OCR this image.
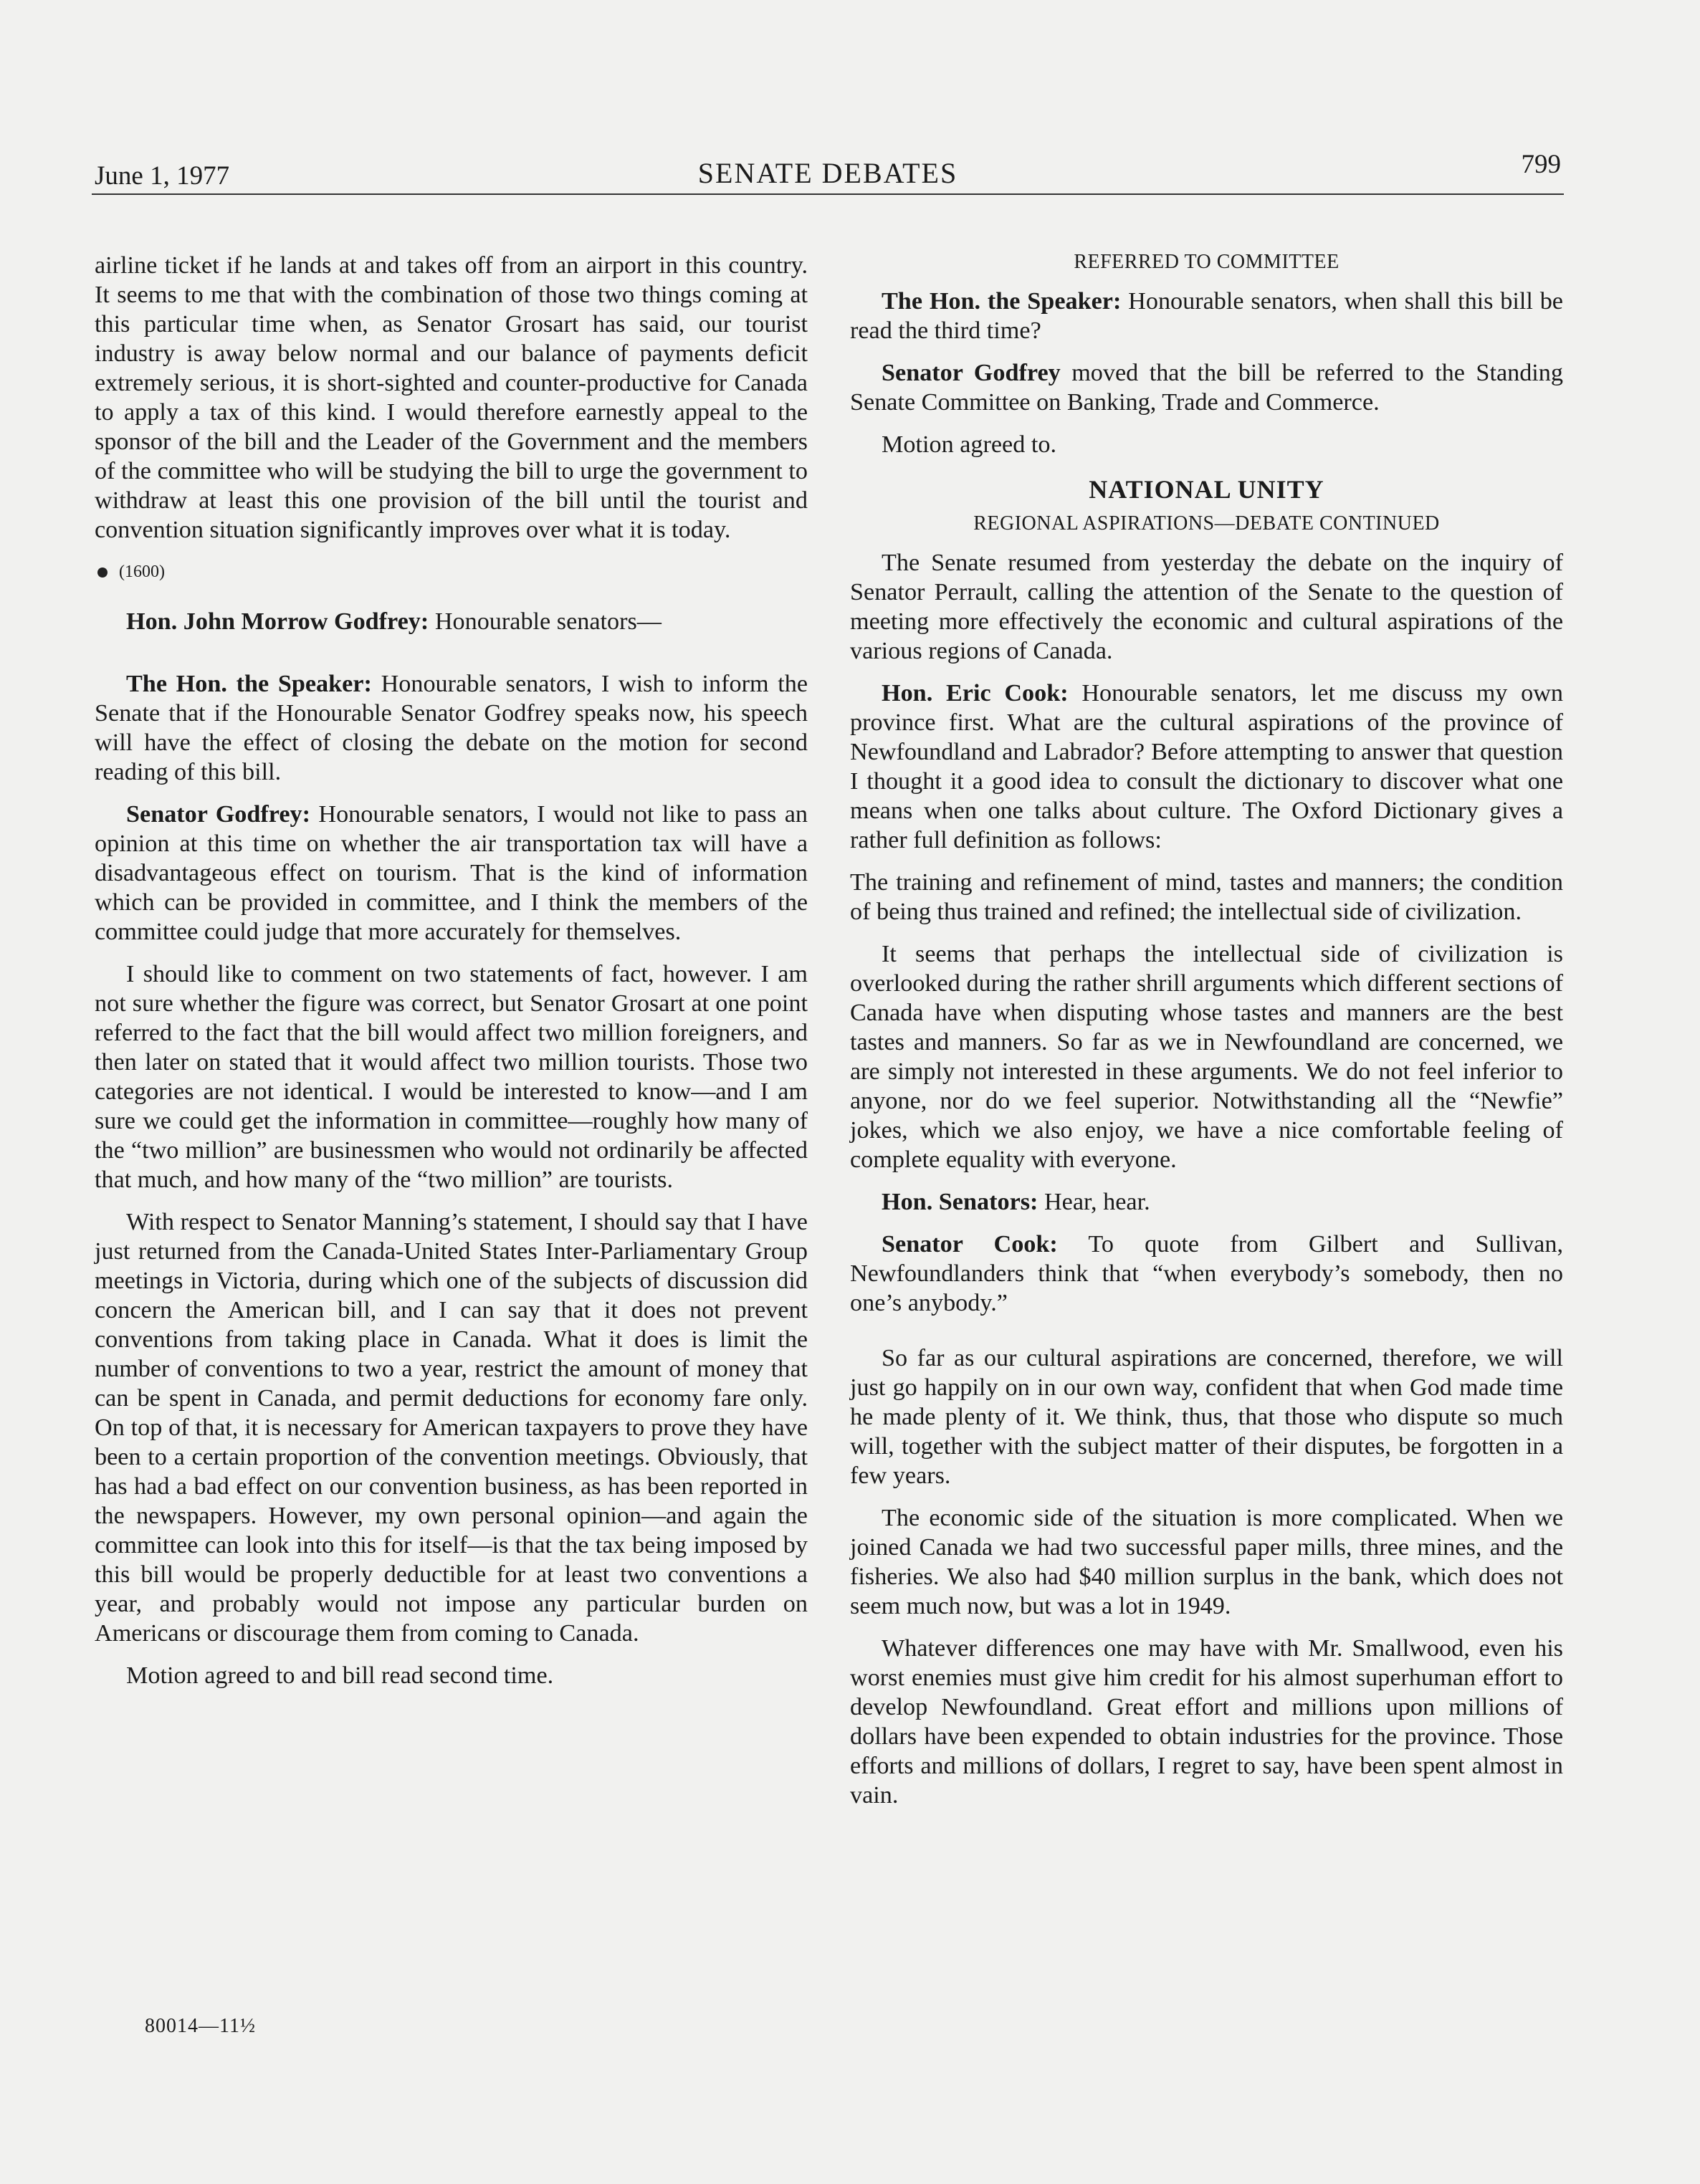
June 1, 1977	SENATE DEBATES	799

airline ticket if he lands at and takes off from an airport in this country. It seems to me that with the combination of those two things coming at this particular time when, as Senator Grosart has said, our tourist industry is away below normal and our balance of payments deficit extremely serious, it is short-sighted and counter-productive for Canada to apply a tax of this kind. I would therefore earnestly appeal to the sponsor of the bill and the Leader of the Government and the members of the committee who will be studying the bill to urge the government to withdraw at least this one provision of the bill until the tourist and convention situation significantly improves over what it is today.

(1600)

Hon. John Morrow Godfrey: Honourable senators—

The Hon. the Speaker: Honourable senators, I wish to inform the Senate that if the Honourable Senator Godfrey speaks now, his speech will have the effect of closing the debate on the motion for second reading of this bill.

Senator Godfrey: Honourable senators, I would not like to pass an opinion at this time on whether the air transportation tax will have a disadvantageous effect on tourism. That is the kind of information which can be provided in committee, and I think the members of the committee could judge that more accurately for themselves.

I should like to comment on two statements of fact, however. I am not sure whether the figure was correct, but Senator Grosart at one point referred to the fact that the bill would affect two million foreigners, and then later on stated that it would affect two million tourists. Those two categories are not identical. I would be interested to know—and I am sure we could get the information in committee—roughly how many of the “two million” are businessmen who would not ordinarily be affected that much, and how many of the “two million” are tourists.

With respect to Senator Manning’s statement, I should say that I have just returned from the Canada-United States Inter-Parliamentary Group meetings in Victoria, during which one of the subjects of discussion did concern the American bill, and I can say that it does not prevent conventions from taking place in Canada. What it does is limit the number of conventions to two a year, restrict the amount of money that can be spent in Canada, and permit deductions for economy fare only. On top of that, it is necessary for American taxpayers to prove they have been to a certain proportion of the convention meetings. Obviously, that has had a bad effect on our convention business, as has been reported in the newspapers. However, my own personal opinion—and again the committee can look into this for itself—is that the tax being imposed by this bill would be properly deductible for at least two conventions a year, and probably would not impose any particular burden on Americans or discourage them from coming to Canada.

Motion agreed to and bill read second time.

REFERRED TO COMMITTEE

The Hon. the Speaker: Honourable senators, when shall this bill be read the third time?

Senator Godfrey moved that the bill be referred to the Standing Senate Committee on Banking, Trade and Commerce.

Motion agreed to.

NATIONAL UNITY
REGIONAL ASPIRATIONS—DEBATE CONTINUED

The Senate resumed from yesterday the debate on the inquiry of Senator Perrault, calling the attention of the Senate to the question of meeting more effectively the economic and cultural aspirations of the various regions of Canada.

Hon. Eric Cook: Honourable senators, let me discuss my own province first. What are the cultural aspirations of the province of Newfoundland and Labrador? Before attempting to answer that question I thought it a good idea to consult the dictionary to discover what one means when one talks about culture. The Oxford Dictionary gives a rather full definition as follows:

The training and refinement of mind, tastes and manners; the condition of being thus trained and refined; the intellectual side of civilization.

It seems that perhaps the intellectual side of civilization is overlooked during the rather shrill arguments which different sections of Canada have when disputing whose tastes and manners are the best tastes and manners. So far as we in Newfoundland are concerned, we are simply not interested in these arguments. We do not feel inferior to anyone, nor do we feel superior. Notwithstanding all the “Newfie” jokes, which we also enjoy, we have a nice comfortable feeling of complete equality with everyone.

Hon. Senators: Hear, hear.

Senator Cook: To quote from Gilbert and Sullivan, Newfoundlanders think that “when everybody’s somebody, then no one’s anybody.”

So far as our cultural aspirations are concerned, therefore, we will just go happily on in our own way, confident that when God made time he made plenty of it. We think, thus, that those who dispute so much will, together with the subject matter of their disputes, be forgotten in a few years.

The economic side of the situation is more complicated. When we joined Canada we had two successful paper mills, three mines, and the fisheries. We also had $40 million surplus in the bank, which does not seem much now, but was a lot in 1949.

Whatever differences one may have with Mr. Smallwood, even his worst enemies must give him credit for his almost superhuman effort to develop Newfoundland. Great effort and millions upon millions of dollars have been expended to obtain industries for the province. Those efforts and millions of dollars, I regret to say, have been spent almost in vain.

80014—11½
